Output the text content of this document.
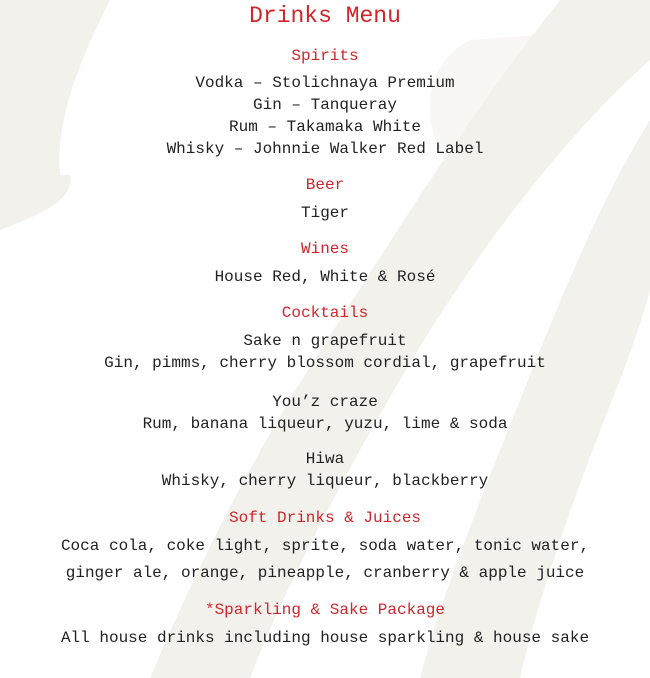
Drinks Menu
Spirits
Vodka – Stolichnaya Premium
Gin – Tanqueray
Rum – Takamaka White
Whisky – Johnnie Walker Red Label
Beer
Tiger
Wines
House Red, White & Rosé
Cocktails
Sake n grapefruit
Gin, pimms, cherry blossom cordial, grapefruit
You’z craze
Rum, banana liqueur, yuzu, lime & soda
Hiwa
Whisky, cherry liqueur, blackberry
Soft Drinks & Juices
Coca cola, coke light, sprite, soda water, tonic water,
ginger ale, orange, pineapple, cranberry & apple juice
*Sparkling & Sake Package
All house drinks including house sparkling & house sake
